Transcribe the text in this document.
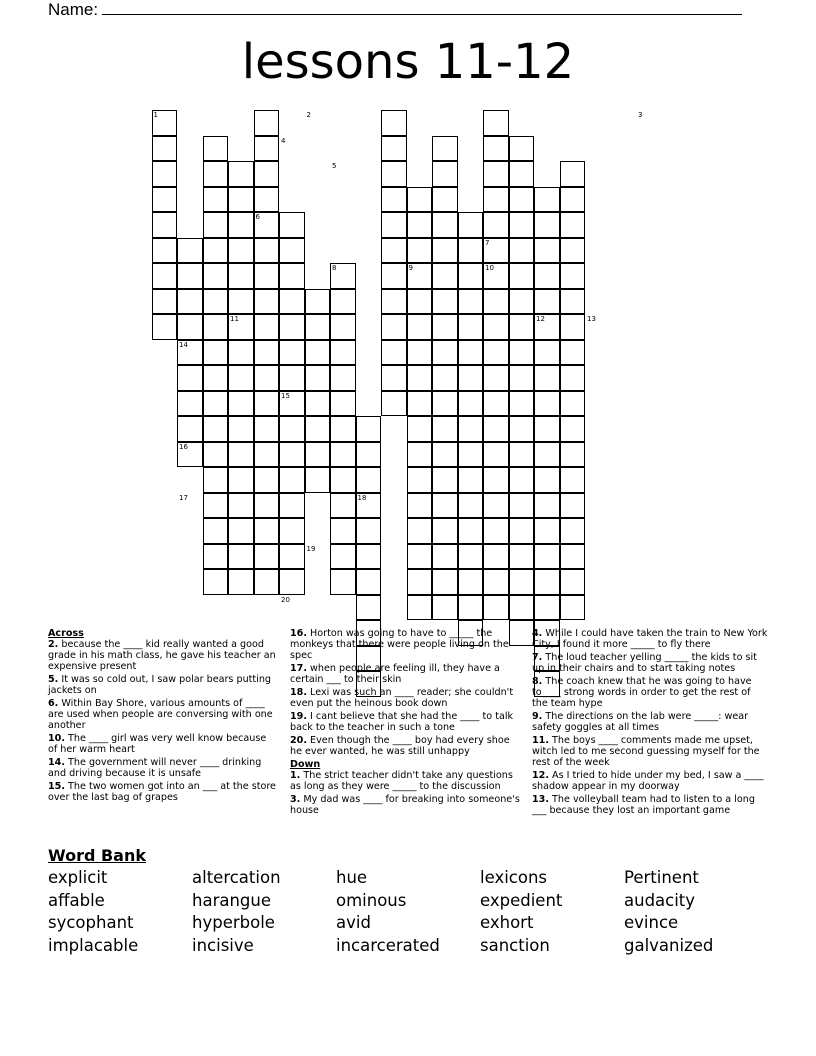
Name:
lessons 11-12
1	2	3
4
5
6
7
8	9	10
11	12	13
14
15
16
17	18
19
20
Across
2. because the ____ kid really wanted a good grade in his math class, he gave his teacher an expensive present
5. It was so cold out, I saw polar bears putting jackets on
6. Within Bay Shore, various amounts of ____ are used when people are conversing with one another
10. The ____ girl was very well know because of her warm heart
14. The government will never ____ drinking and driving because it is unsafe
15. The two women got into an ___ at the store over the last bag of grapes
16. Horton was going to have to _____ the monkeys that there were people living on the spec
17. when people are feeling ill, they have a certain ___ to their skin
18. Lexi was such an ____ reader; she couldn't even put the heinous book down
19. I cant believe that she had the ____ to talk back to the teacher in such a tone
20. Even though the ____ boy had every shoe he ever wanted, he was still unhappy
Down
1. The strict teacher didn't take any questions as long as they were _____ to the discussion
3. My dad was ____ for breaking into someone's house
4. While I could have taken the train to New York City, I found it more _____ to fly there
7. The loud teacher yelling _____ the kids to sit up in their chairs and to start taking notes
8. The coach knew that he was going to have to____ strong words in order to get the rest of the team hype
9. The directions on the lab were _____: wear safety goggles at all times
11. The boys ____ comments made me upset, witch led to me second guessing myself for the rest of the week
12. As I tried to hide under my bed, I saw a ____ shadow appear in my doorway
13. The volleyball team had to listen to a long ___ because they lost an important game
Word Bank
explicit	altercation	hue	lexicons	Pertinent
affable	harangue	ominous	expedient	audacity
sycophant	hyperbole	avid	exhort	evince
implacable	incisive	incarcerated	sanction	galvanized
